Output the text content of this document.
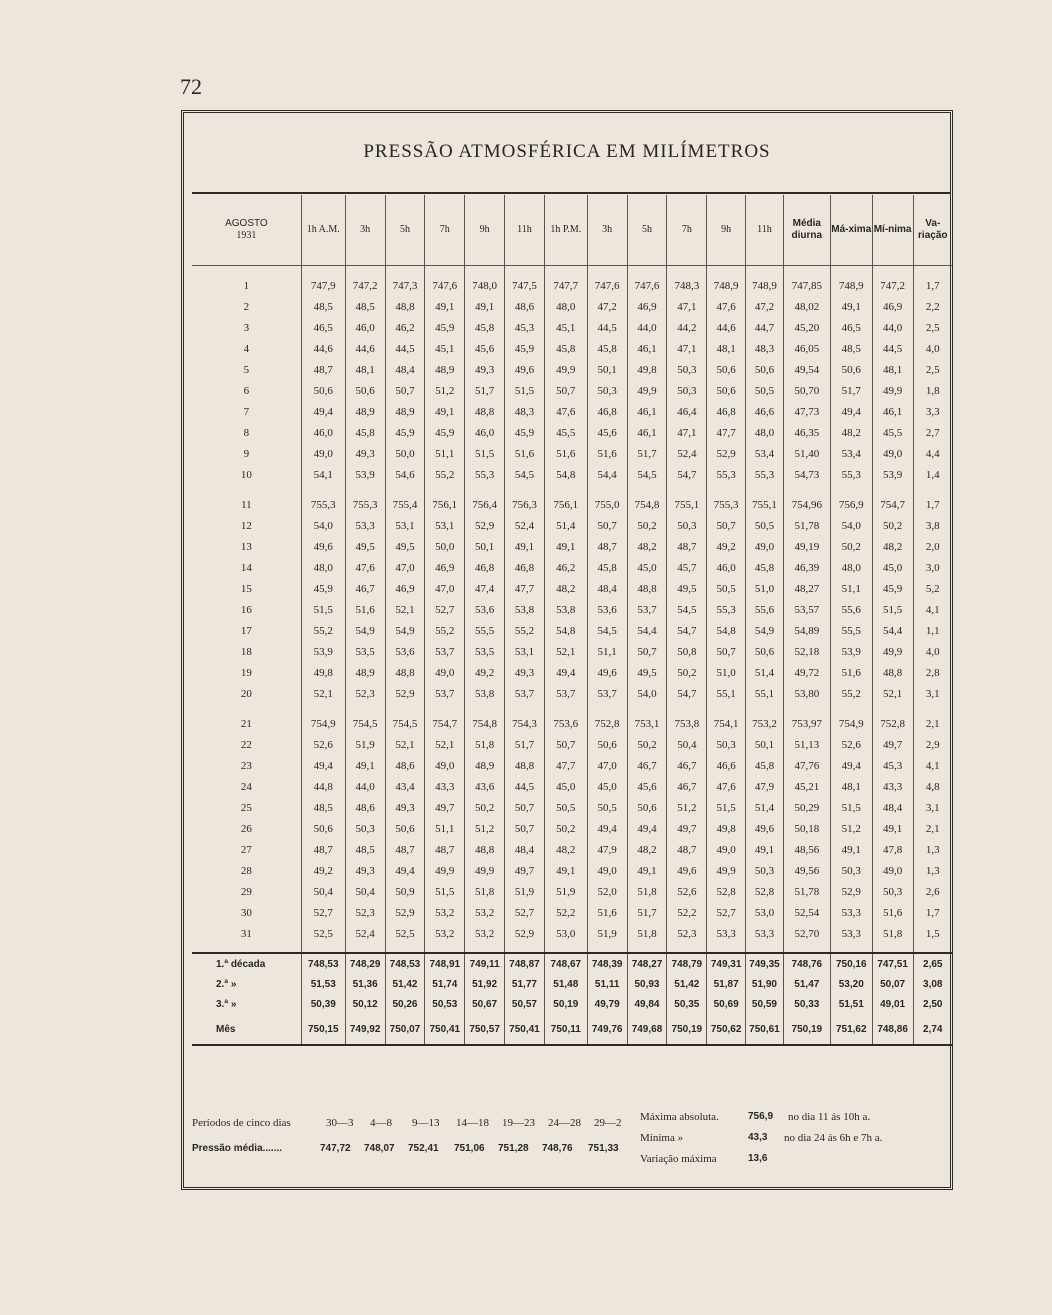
72
PRESSÃO ATMOSFÉRICA EM MILÍMETROS
AGOSTO
1931	1h A.M.	3h	5h	7h	9h	11h	1h P.M.	3h	5h	7h	9h	11h	Média diurna	Má-xima	Mí-nima	Va-riação

1	747,9	747,2	747,3	747,6	748,0	747,5	747,7	747,6	747,6	748,3	748,9	748,9	747,85	748,9	747,2	1,7
2	48,5	48,5	48,8	49,1	49,1	48,6	48,0	47,2	46,9	47,1	47,6	47,2	48,02	49,1	46,9	2,2
3	46,5	46,0	46,2	45,9	45,8	45,3	45,1	44,5	44,0	44,2	44,6	44,7	45,20	46,5	44,0	2,5
4	44,6	44,6	44,5	45,1	45,6	45,9	45,8	45,8	46,1	47,1	48,1	48,3	46,05	48,5	44,5	4,0
5	48,7	48,1	48,4	48,9	49,3	49,6	49,9	50,1	49,8	50,3	50,6	50,6	49,54	50,6	48,1	2,5
6	50,6	50,6	50,7	51,2	51,7	51,5	50,7	50,3	49,9	50,3	50,6	50,5	50,70	51,7	49,9	1,8
7	49,4	48,9	48,9	49,1	48,8	48,3	47,6	46,8	46,1	46,4	46,8	46,6	47,73	49,4	46,1	3,3
8	46,0	45,8	45,9	45,9	46,0	45,9	45,5	45,6	46,1	47,1	47,7	48,0	46,35	48,2	45,5	2,7
9	49,0	49,3	50,0	51,1	51,5	51,6	51,6	51,6	51,7	52,4	52,9	53,4	51,40	53,4	49,0	4,4
10	54,1	53,9	54,6	55,2	55,3	54,5	54,8	54,4	54,5	54,7	55,3	55,3	54,73	55,3	53,9	1,4

11	755,3	755,3	755,4	756,1	756,4	756,3	756,1	755,0	754,8	755,1	755,3	755,1	754,96	756,9	754,7	1,7
12	54,0	53,3	53,1	53,1	52,9	52,4	51,4	50,7	50,2	50,3	50,7	50,5	51,78	54,0	50,2	3,8
13	49,6	49,5	49,5	50,0	50,1	49,1	49,1	48,7	48,2	48,7	49,2	49,0	49,19	50,2	48,2	2,0
14	48,0	47,6	47,0	46,9	46,8	46,8	46,2	45,8	45,0	45,7	46,0	45,8	46,39	48,0	45,0	3,0
15	45,9	46,7	46,9	47,0	47,4	47,7	48,2	48,4	48,8	49,5	50,5	51,0	48,27	51,1	45,9	5,2
16	51,5	51,6	52,1	52,7	53,6	53,8	53,8	53,6	53,7	54,5	55,3	55,6	53,57	55,6	51,5	4,1
17	55,2	54,9	54,9	55,2	55,5	55,2	54,8	54,5	54,4	54,7	54,8	54,9	54,89	55,5	54,4	1,1
18	53,9	53,5	53,6	53,7	53,5	53,1	52,1	51,1	50,7	50,8	50,7	50,6	52,18	53,9	49,9	4,0
19	49,8	48,9	48,8	49,0	49,2	49,3	49,4	49,6	49,5	50,2	51,0	51,4	49,72	51,6	48,8	2,8
20	52,1	52,3	52,9	53,7	53,8	53,7	53,7	53,7	54,0	54,7	55,1	55,1	53,80	55,2	52,1	3,1

21	754,9	754,5	754,5	754,7	754,8	754,3	753,6	752,8	753,1	753,8	754,1	753,2	753,97	754,9	752,8	2,1
22	52,6	51,9	52,1	52,1	51,8	51,7	50,7	50,6	50,2	50,4	50,3	50,1	51,13	52,6	49,7	2,9
23	49,4	49,1	48,6	49,0	48,9	48,8	47,7	47,0	46,7	46,7	46,6	45,8	47,76	49,4	45,3	4,1
24	44,8	44,0	43,4	43,3	43,6	44,5	45,0	45,0	45,6	46,7	47,6	47,9	45,21	48,1	43,3	4,8
25	48,5	48,6	49,3	49,7	50,2	50,7	50,5	50,5	50,6	51,2	51,5	51,4	50,29	51,5	48,4	3,1
26	50,6	50,3	50,6	51,1	51,2	50,7	50,2	49,4	49,4	49,7	49,8	49,6	50,18	51,2	49,1	2,1
27	48,7	48,5	48,7	48,7	48,8	48,4	48,2	47,9	48,2	48,7	49,0	49,1	48,56	49,1	47,8	1,3
28	49,2	49,3	49,4	49,9	49,9	49,7	49,1	49,0	49,1	49,6	49,9	50,3	49,56	50,3	49,0	1,3
29	50,4	50,4	50,9	51,5	51,8	51,9	51,9	52,0	51,8	52,6	52,8	52,8	51,78	52,9	50,3	2,6
30	52,7	52,3	52,9	53,2	53,2	52,7	52,2	51,6	51,7	52,2	52,7	53,0	52,54	53,3	51,6	1,7
31	52,5	52,4	52,5	53,2	53,2	52,9	53,0	51,9	51,8	52,3	53,3	53,3	52,70	53,3	51,8	1,5

1.ª década	748,53	748,29	748,53	748,91	749,11	748,87	748,67	748,39	748,27	748,79	749,31	749,35	748,76	750,16	747,51	2,65
2.ª »	51,53	51,36	51,42	51,74	51,92	51,77	51,48	51,11	50,93	51,42	51,87	51,90	51,47	53,20	50,07	3,08
3.ª »	50,39	50,12	50,26	50,53	50,67	50,57	50,19	49,79	49,84	50,35	50,69	50,59	50,33	51,51	49,01	2,50
Mês	750,15	749,92	750,07	750,41	750,57	750,41	750,11	749,76	749,68	750,19	750,62	750,61	750,19	751,62	748,86	2,74
Períodos de cinco dias	30—3 4—8 9—13 14—18 19—23 24—28 29—2
Pressão média.......	747,72 748,07 752,41 751,06 751,28 748,76 751,33
Máxima absoluta.	756,9 no dia 11 ás 10h a.
Mínima »	43,3 no dia 24 ás 6h e 7h a.
Variação máxima	13,6
